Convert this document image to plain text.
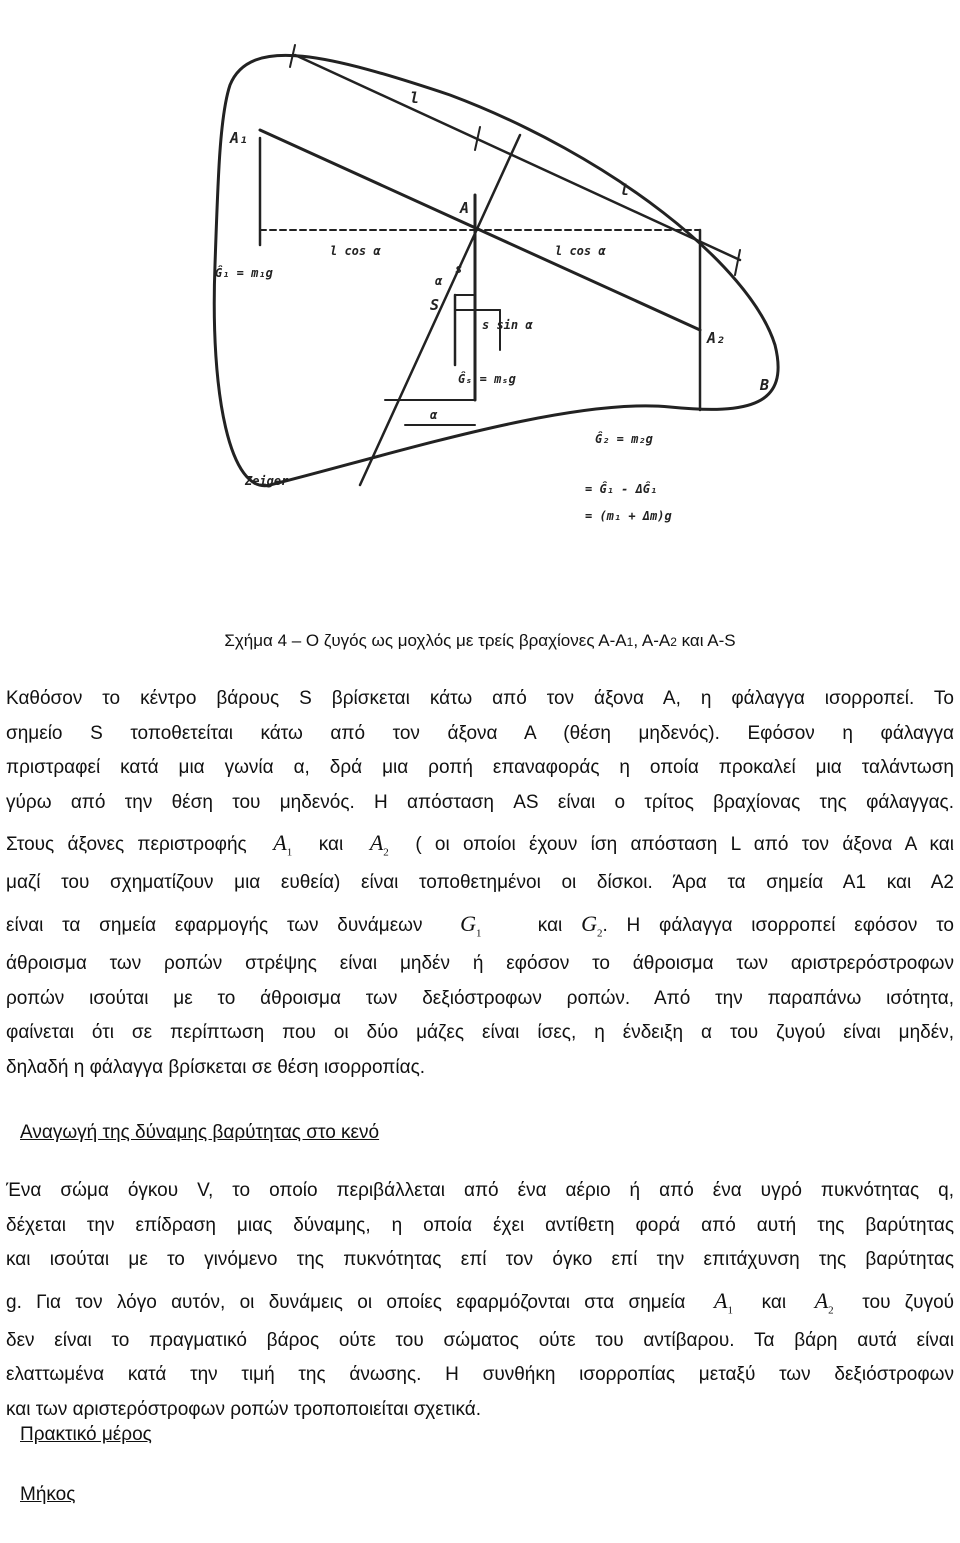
A₁
A
A₂
S
B
l
l
l cos α	l cos α
s
s sin α
α
α
Ĝ₁ = m₁g
Ĝₛ = mₛg
Ĝ₂ = m₂g
= Ĝ₁ - ΔĜ₁
= (m₁ + Δm)g
Zeiger
Σχήμα 4 – Ο ζυγός ως μοχλός με τρείς βραχίονες Α-Α1, Α-Α2 και Α-S
Καθόσον το κέντρο βάρους S βρίσκεται κάτω από τον άξονα Α, η φάλαγγα ισορροπεί. Το
σημείο S τοποθετείται κάτω από τον άξονα Α (θέση μηδενός). Εφόσον η φάλαγγα
πριστραφεί κατά μια γωνία α, δρά μια ροπή επαναφοράς η οποία προκαλεί μια ταλάντωση
γύρω από την θέση του μηδενός. Η απόσταση AS είναι ο τρίτος βραχίονας της φάλαγγας.
Στους άξονες περιστροφής $A_1$ και $A_2$ ( οι οποίοι έχουν ίση απόσταση L από τον άξονα Α και
μαζί του σχηματίζουν μια ευθεία) είναι τοποθετημένοι οι δίσκοι. Άρα τα σημεία Α1 και Α2
είναι τα σημεία εφαρμογής των δυνάμεων $G_1$	και $G_2$. Η φάλαγγα ισορροπεί εφόσον το
άθροισμα των ροπών στρέψης είναι μηδέν ή εφόσον το άθροισμα των αριστρερόστροφων
ροπών ισούται με το άθροισμα των δεξιόστροφων ροπών. Από την παραπάνω ισότητα,
φαίνεται ότι σε περίπτωση που οι δύο μάζες είναι ίσες, η ένδειξη α του ζυγού είναι μηδέν,
δηλαδή η φάλαγγα βρίσκεται σε θέση ισορροπίας.
Αναγωγή της δύναμης βαρύτητας στο κενό
Ένα σώμα όγκου V, το οποίο περιβάλλεται από ένα αέριο ή από ένα υγρό πυκνότητας q,
δέχεται την επίδραση μιας δύναμης, η οποία έχει αντίθετη φορά από αυτή της βαρύτητας
και ισούται με το γινόμενο της πυκνότητας επί τον όγκο επί την επιτάχυνση της βαρύτητας
g. Για τον λόγο αυτόν, οι δυνάμεις οι οποίες εφαρμόζονται στα σημεία $A_1$ και $A_2$ του ζυγού
δεν είναι το πραγματικό βάρος ούτε του σώματος ούτε του αντίβαρου. Τα βάρη αυτά είναι
ελαττωμένα κατά την τιμή της άνωσης. Η συνθήκη ισορροπίας μεταξύ των δεξιόστροφων
και των αριστερόστροφων ροπών τροποποιείται σχετικά.
Πρακτικό μέρος
Μήκος
